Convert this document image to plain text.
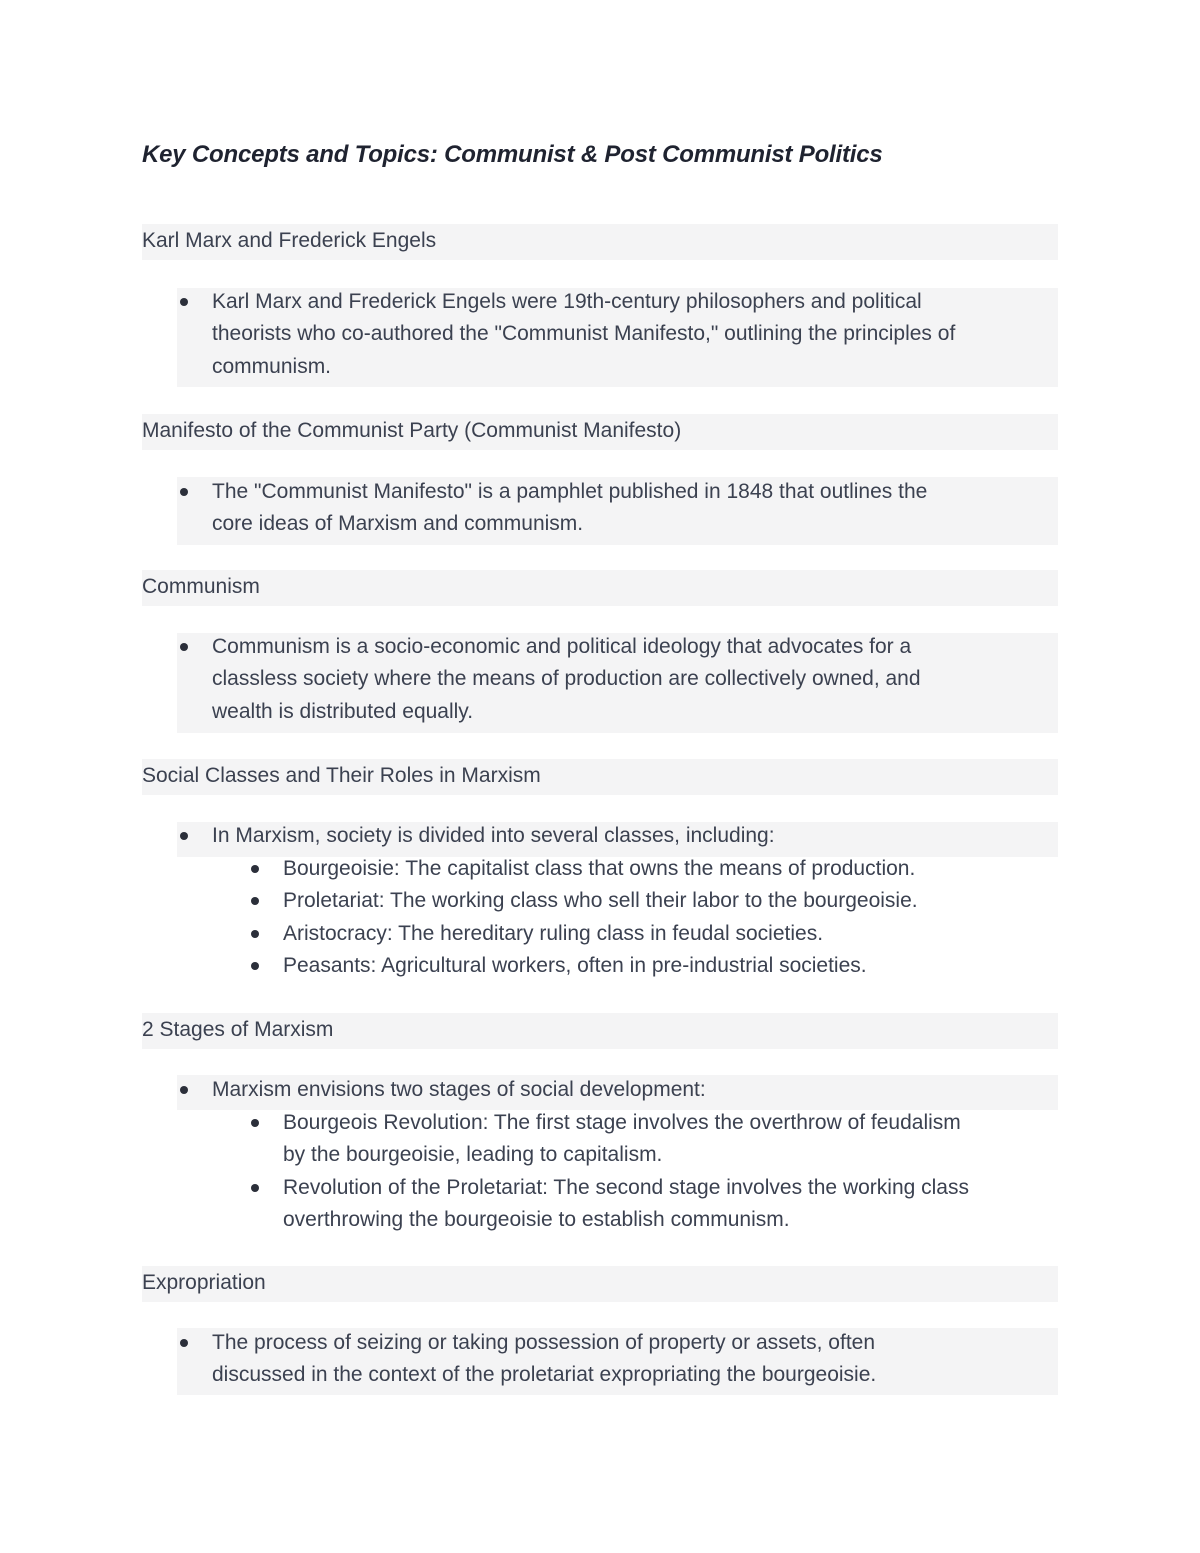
Key Concepts and Topics: Communist & Post Communist Politics
Karl Marx and Frederick Engels
Karl Marx and Frederick Engels were 19th-century philosophers and political
theorists who co-authored the "Communist Manifesto," outlining the principles of
communism.
Manifesto of the Communist Party (Communist Manifesto)
The "Communist Manifesto" is a pamphlet published in 1848 that outlines the
core ideas of Marxism and communism.
Communism
Communism is a socio-economic and political ideology that advocates for a
classless society where the means of production are collectively owned, and
wealth is distributed equally.
Social Classes and Their Roles in Marxism
In Marxism, society is divided into several classes, including:
Bourgeoisie: The capitalist class that owns the means of production.
Proletariat: The working class who sell their labor to the bourgeoisie.
Aristocracy: The hereditary ruling class in feudal societies.
Peasants: Agricultural workers, often in pre-industrial societies.
2 Stages of Marxism
Marxism envisions two stages of social development:
Bourgeois Revolution: The first stage involves the overthrow of feudalism
by the bourgeoisie, leading to capitalism.
Revolution of the Proletariat: The second stage involves the working class
overthrowing the bourgeoisie to establish communism.
Expropriation
The process of seizing or taking possession of property or assets, often
discussed in the context of the proletariat expropriating the bourgeoisie.
